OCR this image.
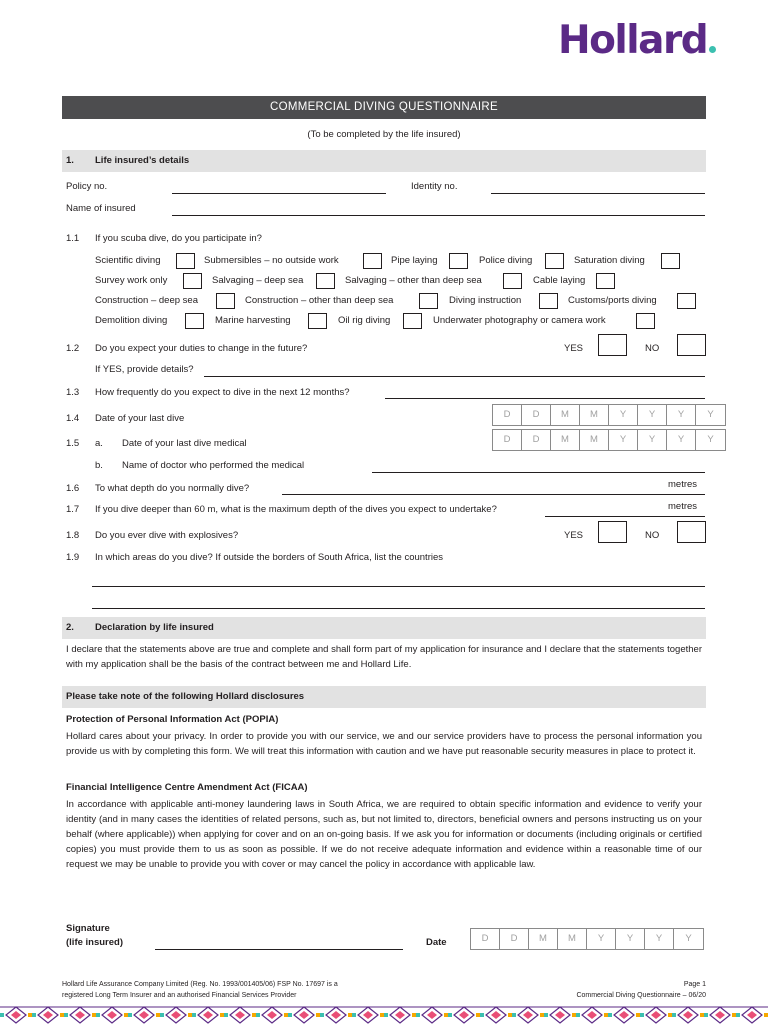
Hollard
COMMERCIAL DIVING QUESTIONNAIRE
(To be completed by the life insured)
1. Life insured’s details
Policy no.	Identity no.
Name of insured
1.1 If you scuba dive, do you participate in?
Scientific diving	Submersibles – no outside work	Pipe laying	Police diving	Saturation diving
Survey work only	Salvaging – deep sea	Salvaging – other than deep sea	Cable laying
Construction – deep sea	Construction – other than deep sea	Diving instruction	Customs/ports diving
Demolition diving	Marine harvesting	Oil rig diving	Underwater photography or camera work
1.2 Do you expect your duties to change in the future?	YES	NO
If YES, provide details?
1.3 How frequently do you expect to dive in the next 12 months?
1.4 Date of your last dive	D	D	M	M	Y	Y	Y	Y
1.5 a. Date of your last dive medical	D	D	M	M	Y	Y	Y	Y
b. Name of doctor who performed the medical
1.6 To what depth do you normally dive?	metres
1.7 If you dive deeper than 60 m, what is the maximum depth of the dives you expect to undertake?	metres
1.8 Do you ever dive with explosives?	YES	NO
1.9 In which areas do you dive? If outside the borders of South Africa, list the countries
2. Declaration by life insured
I declare that the statements above are true and complete and shall form part of my application for insurance and I declare that the statements together with my application shall be the basis of the contract between me and Hollard Life.
Please take note of the following Hollard disclosures
Protection of Personal Information Act (POPIA)
Hollard cares about your privacy. In order to provide you with our service, we and our service providers have to process the personal information you provide us with by completing this form. We will treat this information with caution and we have put reasonable security measures in place to protect it.
Financial Intelligence Centre Amendment Act (FICAA)
In accordance with applicable anti-money laundering laws in South Africa, we are required to obtain specific information and evidence to verify your identity (and in many cases the identities of related persons, such as, but not limited to, directors, beneficial owners and persons instructing us on your behalf (where applicable)) when applying for cover and on an on-going basis. If we ask you for information or documents (including originals or certified copies) you must provide them to us as soon as possible. If we do not receive adequate information and evidence within a reasonable time of our request we may be unable to provide you with cover or may cancel the policy in accordance with applicable law.
Signature
(life insured)	Date	D	D	M	M	Y	Y	Y	Y
Hollard Life Assurance Company Limited (Reg. No. 1993/001405/06) FSP No. 17697 is a
registered Long Term Insurer and an authorised Financial Services Provider
Page 1
Commercial Diving Questionnaire – 06/20
